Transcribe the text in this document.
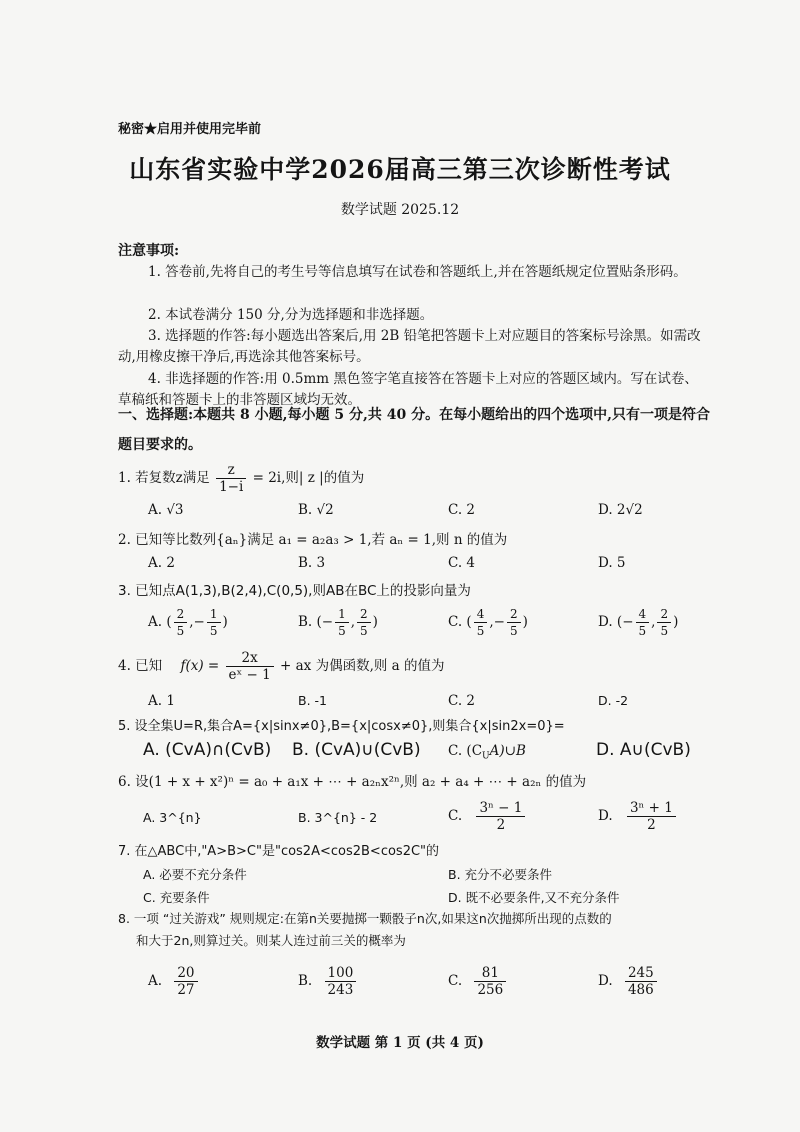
秘密★启用并使用完毕前
山东省实验中学2026届高三第三次诊断性考试
数学试题 2025.12
注意事项:
1. 答卷前,先将自己的考生号等信息填写在试卷和答题纸上,并在答题纸规定位置贴条形码。
2. 本试卷满分 150 分,分为选择题和非选择题。
3. 选择题的作答:每小题选出答案后,用 2B 铅笔把答题卡上对应题目的答案标号涂黑。如需改动,用橡皮擦干净后,再选涂其他答案标号。
4. 非选择题的作答:用 0.5mm 黑色签字笔直接答在答题卡上对应的答题区域内。写在试卷、草稿纸和答题卡上的非答题区域均无效。
一、选择题:本题共 8 小题,每小题 5 分,共 40 分。在每小题给出的四个选项中,只有一项是符合题目要求的。
1. 若复数z满足 $\frac{z}{1-i} = 2i$,则| z |的值为
A. √3	B. √2	C. 2	D. 2√2
2. 已知等比数列{aₙ}满足 a₁ = a₂a₃ > 1,若 aₙ = 1,则 n 的值为
A. 2	B. 3	C. 4	D. 5
3. 已知点A(1,3),B(2,4),C(0,5),则AB在BC上的投影向量为
A. ( $\frac{2}{5}$ ,− $\frac{1}{5}$ )	B. (− $\frac{1}{5}$ , $\frac{2}{5}$ )	C. ( $\frac{4}{5}$ ,− $\frac{2}{5}$ )	D. (− $\frac{4}{5}$ , $\frac{2}{5}$ )
4. 已知 $f(x) = \frac{2x}{\text{eˣ − 1}}$ + ax 为偶函数,则 a 的值为
A. 1	B. -1	C. 2	D. -2
5. 设全集U=R,集合A={x|sinx≠0},B={x|cosx≠0},则集合{x|sin2x=0}=
A. (CvA)∩(CvB) B. (CvA)∪(CvB) C. $(C_UA)\cup B$	D. A∪(CvB)
6. 设(1 + x + x²)ⁿ = a₀ + a₁x + ⋯ + a₂ₙx²ⁿ,则 a₂ + a₄ + ⋯ + a₂ₙ 的值为
A. 3^{n}	B. 3^{n} - 2	C. $\frac{\text{3ⁿ − 1}}{2}$	D. $\frac{\text{3ⁿ + 1}}{2}$
7. 在△ABC中,"A>B>C"是"cos2A<cos2B<cos2C"的
A. 必要不充分条件	B. 充分不必要条件
C. 充要条件	D. 既不必要条件,又不充分条件
8. 一项 “过关游戏” 规则规定:在第n关要抛掷一颗骰子n次,如果这n次抛掷所出现的点数的
和大于2n,则算过关。则某人连过前三关的概率为
A. $\frac{20}{27}$	B. $\frac{100}{243}$	C. $\frac{81}{256}$	D. $\frac{245}{486}$
数学试题 第 1 页 (共 4 页)
